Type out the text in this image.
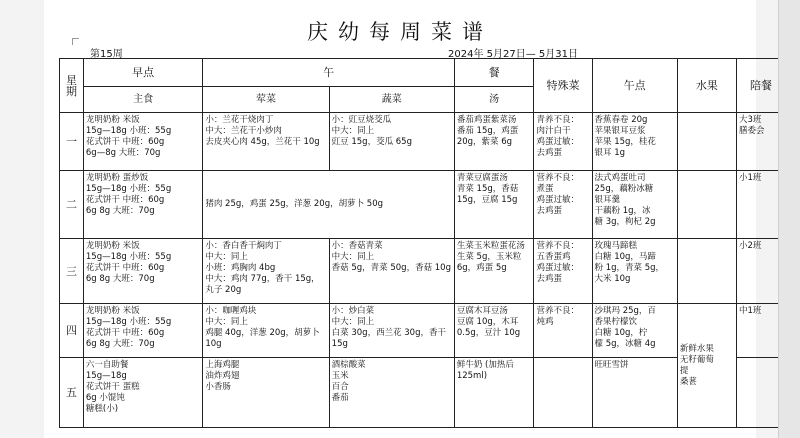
庆幼每周菜谱
第15周	2024年 5月27日— 5月31日
星期	早点	午		餐	特殊菜	午点	水果	陪餐
	主食	荤菜	蔬菜	汤				
一	龙明奶粉 米饭
15g—18g 小班：55g
花式饼干 中班：60g
6g—8g 大班：70g	小：兰花干烧肉丁
中大：兰花干小炒肉
去皮夹心肉 45g，兰花干 10g	小：豇豆烧茭瓜
中大：同上
豇豆 15g，茭瓜 65g	番茄鸡蛋紫菜汤
番茄 15g，鸡蛋 20g，紫菜 6g	青养不良：
肉汁白干
鸡蛋过敏：
去鸡蛋	香蕉春卷 20g
苹果银耳豆浆
苹果 15g，桂花
银耳 1g		大3班
膳委会
二	龙明奶粉 蛋炒饭
15g—18g 小班：55g
花式饼干 中班：60g
6g 8g 大班：70g	猪肉 25g，鸡蛋 25g，洋葱 20g，胡萝卜 50g		青菜豆腐蛋汤
青菜 15g，香菇
15g，豆腐 15g	营养不良：
煮蛋
鸡蛋过敏：
去鸡蛋	法式鸡蛋吐司
25g，藕粉冰糖
银耳羹
干藕粉 1g，冰
糖 3g，枸杞 2g		小1班
三	龙明奶粉 米饭
15g—18g 小班：55g
花式饼干 中班：60g
6g 8g 大班：70g	小：香白香干焖肉丁
中大：同上
小班：鸡胸肉 4bg
中大：鸡肉 77g，香干 15g，丸子 20g	小：香菇青菜
中大：同上
香菇 5g，青菜 50g，香菇 10g	生菜玉米粒蛋花汤
生菜 5g，玉米粒
6g，鸡蛋 5g	营养不良：
五香蛋鸡
鸡蛋过敏：
去鸡蛋	玫瑰马蹄糕
白糖 10g，马蹄
粉 1g，青菜 5g，
大米 10g		小2班
四	龙明奶粉 米饭
15g—18g 小班：55g
花式饼干 中班：60g
6g 8g 大班：70g	小：咖喱鸡块
中大：同上
鸡腿 40g，洋葱 20g，胡萝卜 10g	小：炒白菜
中大：同上
白菜 30g，西兰花 30g，香干 15g	豆腐木耳豆汤
豆腐 10g，木耳
0.5g，豆汁 10g	营养不良：
炖鸡	沙琪玛 25g，百
香果柠檬饮
白糖 10g，柠
檬 5g，冰糖 4g	新鲜水果
无籽葡萄
提
桑葚	中1班
五	六一自助餐
15g—18g
花式饼干 蛋糕
6g 小馄饨
糖糕(小)	上海鸡腿
油炸鸡翅
小香肠	酒棕酸菜
玉米
百合
番茄	鲜牛奶 (加热后
125ml)		旺旺雪饼		
